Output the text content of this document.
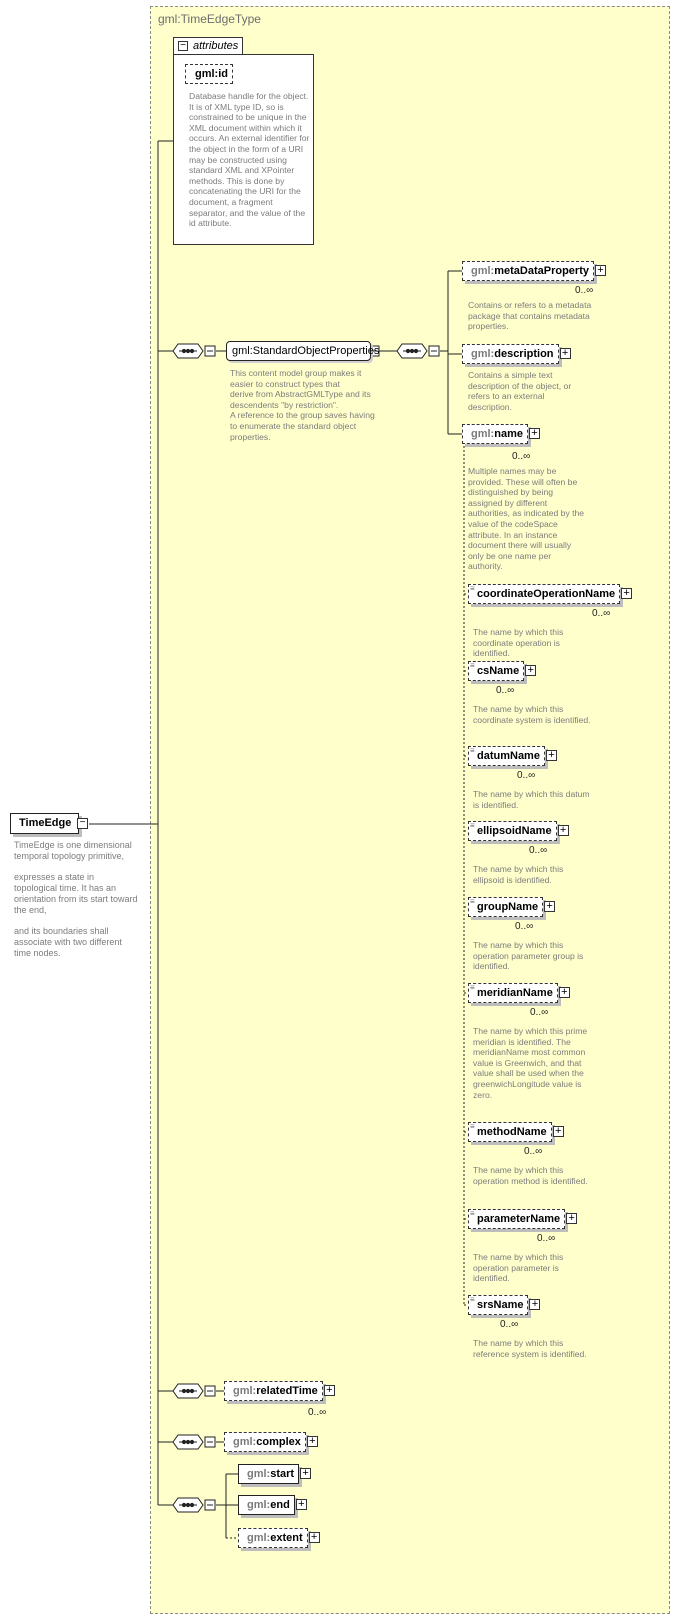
gml:TimeEdgeType
− attributes
gml:id
Database handle for the object. It is of XML type ID, so is constrained to be unique in the XML document within which it occurs. An external identifier for the object in the form of a URI may be constructed using standard XML and XPointer methods. This is done by concatenating the URI for the document, a fragment separator, and the value of the id attribute.
TimeEdge −
TimeEdge is one dimensional temporal topology primitive,

expresses a state in topological time. It has an orientation from its start toward the end,

and its boundaries shall associate with two different time nodes.
gml:StandardObjectProperties
This content model group makes it easier to construct types that
derive from AbstractGMLType and its descendents "by restriction".
A reference to the group saves having to enumerate the standard object properties.
gml:metaDataProperty +
0..∞
Contains or refers to a metadata package that contains metadata properties.
gml:description +
Contains a simple text description of the object, or refers to an external description.
gml:name +
0..∞
Multiple names may be provided. These will often be distinguished by being assigned by different authorities, as indicated by the value of the codeSpace attribute. In an instance document there will usually only be one name per authority.
≡ coordinateOperationName +
0..∞
The name by which this coordinate operation is identified.
≡ csName +
0..∞
The name by which this coordinate system is identified.
≡ datumName +
0..∞
The name by which this datum is identified.
≡ ellipsoidName +
0..∞
The name by which this ellipsoid is identified.
≡ groupName +
0..∞
The name by which this operation parameter group is identified.
≡ meridianName +
0..∞
The name by which this prime meridian is identified. The meridianName most common value is Greenwich, and that value shall be used when the greenwichLongitude value is zero.
≡ methodName +
0..∞
The name by which this operation method is identified.
≡ parameterName +
0..∞
The name by which this operation parameter is identified.
≡ srsName +
0..∞
The name by which this reference system is identified.
gml:relatedTime +
0..∞
gml:complex +
gml:start +
gml:end +
gml:extent +
